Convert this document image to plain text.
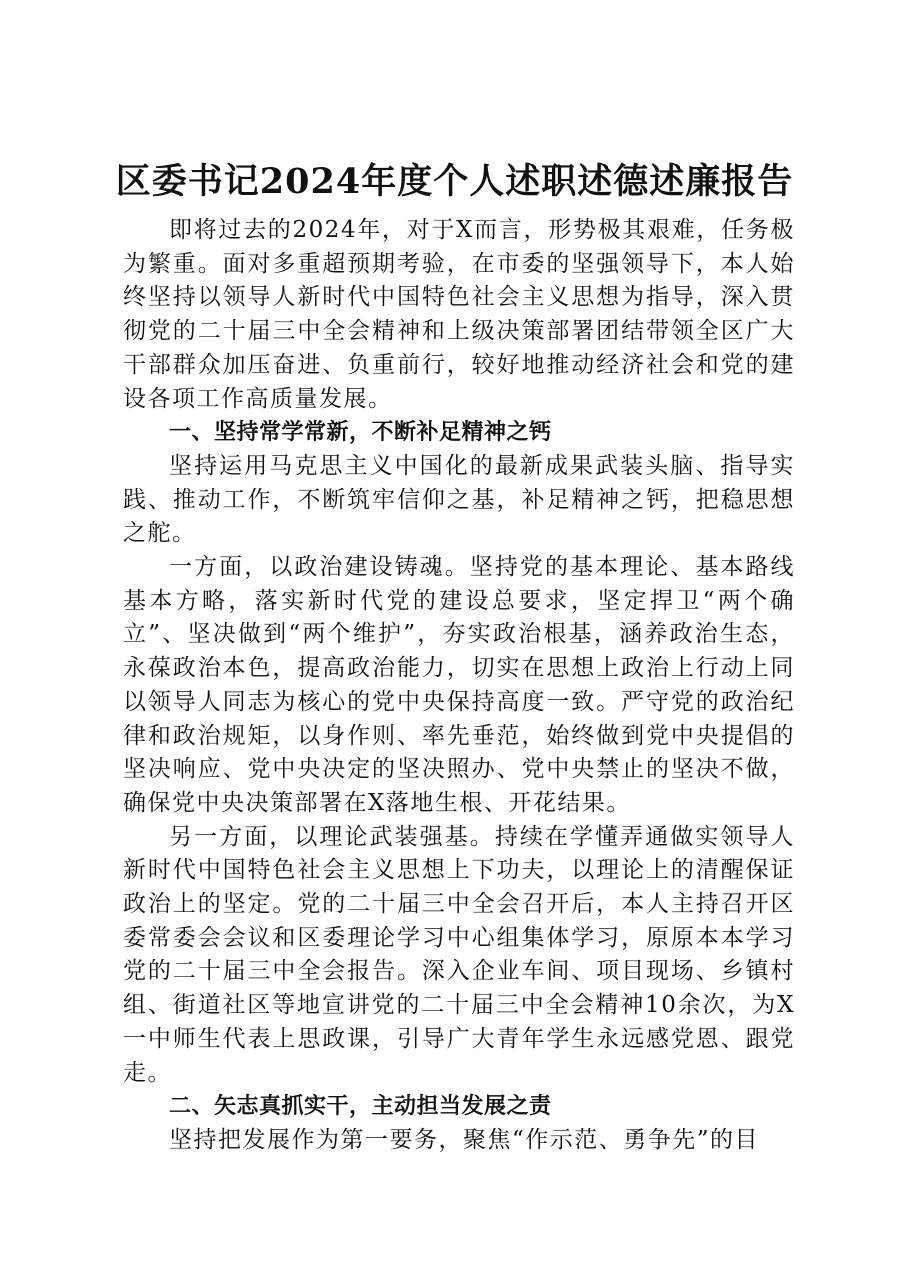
区委书记2024年度个人述职述德述廉报告

即将过去的2024年，对于X而言，形势极其艰难，任务极为繁重。面对多重超预期考验，在市委的坚强领导下，本人始终坚持以领导人新时代中国特色社会主义思想为指导，深入贯彻党的二十届三中全会精神和上级决策部署团结带领全区广大干部群众加压奋进、负重前行，较好地推动经济社会和党的建设各项工作高质量发展。

一、坚持常学常新，不断补足精神之钙

坚持运用马克思主义中国化的最新成果武装头脑、指导实践、推动工作，不断筑牢信仰之基，补足精神之钙，把稳思想之舵。

一方面，以政治建设铸魂。坚持党的基本理论、基本路线基本方略，落实新时代党的建设总要求，坚定捍卫“两个确立”、坚决做到“两个维护”，夯实政治根基，涵养政治生态，永葆政治本色，提高政治能力，切实在思想上政治上行动上同以领导人同志为核心的党中央保持高度一致。严守党的政治纪律和政治规矩，以身作则、率先垂范，始终做到党中央提倡的坚决响应、党中央决定的坚决照办、党中央禁止的坚决不做，确保党中央决策部署在X落地生根、开花结果。

另一方面，以理论武装强基。持续在学懂弄通做实领导人新时代中国特色社会主义思想上下功夫，以理论上的清醒保证政治上的坚定。党的二十届三中全会召开后，本人主持召开区委常委会会议和区委理论学习中心组集体学习，原原本本学习党的二十届三中全会报告。深入企业车间、项目现场、乡镇村组、街道社区等地宣讲党的二十届三中全会精神10余次，为X一中师生代表上思政课，引导广大青年学生永远感党恩、跟党走。

二、矢志真抓实干，主动担当发展之责

坚持把发展作为第一要务，聚焦“作示范、勇争先”的目
